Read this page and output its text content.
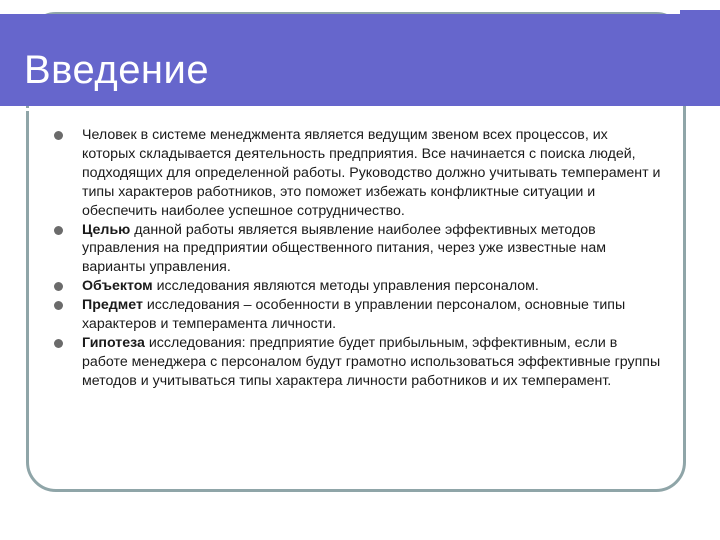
Введение

Человек в системе менеджмента является ведущим звеном всех процессов, их которых складывается деятельность предприятия. Все начинается с поиска людей, подходящих для определенной работы. Руководство должно учитывать темперамент и типы характеров работников, это поможет избежать конфликтные ситуации и обеспечить наиболее успешное сотрудничество.

Целью данной работы является выявление наиболее эффективных методов управления на предприятии общественного питания, через уже известные нам варианты управления.

Объектом исследования являются методы управления персоналом.

Предмет исследования – особенности в управлении персоналом, основные типы характеров и темперамента личности.

Гипотеза исследования: предприятие будет прибыльным, эффективным, если в работе менеджера с персоналом будут грамотно использоваться эффективные группы методов и учитываться типы характера личности работников и их темперамент.
